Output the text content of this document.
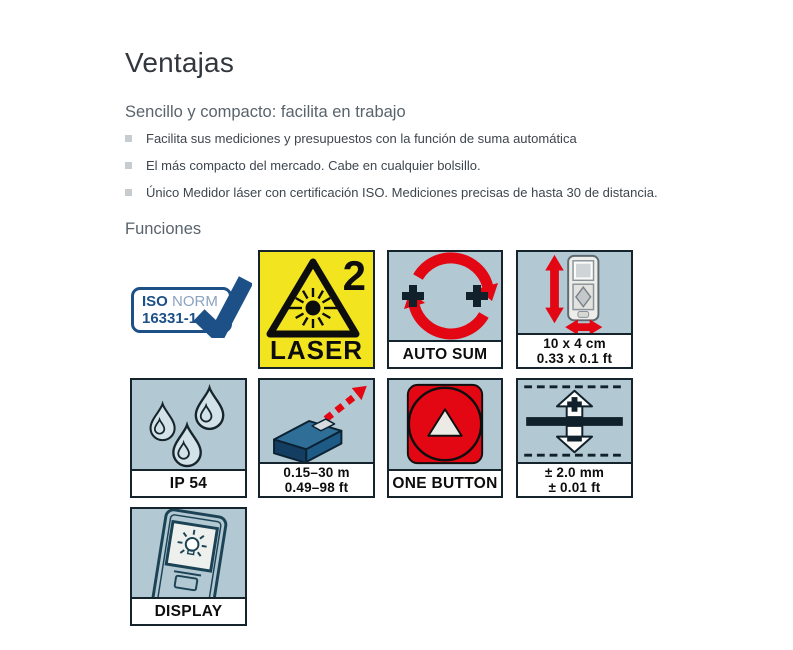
Ventajas
Sencillo y compacto: facilita en trabajo
Facilita sus mediciones y presupuestos con la función de suma automática
El más compacto del mercado. Cabe en cualquier bolsillo.
Único Medidor láser con certificación ISO. Mediciones precisas de hasta 30 de distancia.
Funciones
ISO NORM
16331-1
2
LASER	AUTO SUM
10 x 4 cm
0.33 x 0.1 ft
IP 54
0.15–30 m
0.49–98 ft	ONE BUTTON
± 2.0 mm
± 0.01 ft
DISPLAY
